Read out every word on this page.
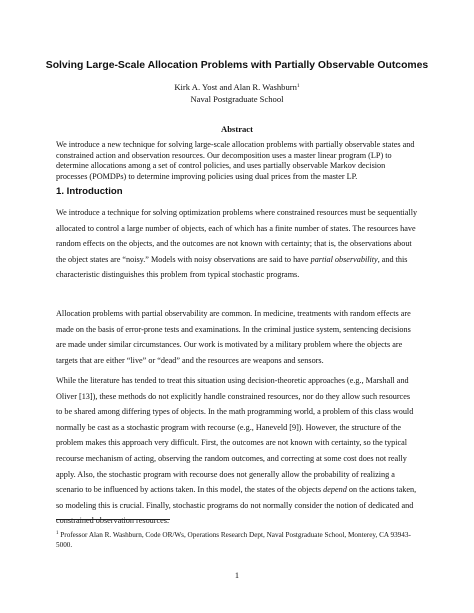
Solving Large-Scale Allocation Problems with Partially Observable Outcomes
Kirk A. Yost and Alan R. Washburn$^1$
Naval Postgraduate School
Abstract
We introduce a new technique for solving large-scale allocation problems with partially observable states and constrained action and observation resources. Our decomposition uses a master linear program (LP) to determine allocations among a set of control policies, and uses partially observable Markov decision processes (POMDPs) to determine improving policies using dual prices from the master LP.
1. Introduction
We introduce a technique for solving optimization problems where constrained resources must be sequentially allocated to control a large number of objects, each of which has a finite number of states. The resources have random effects on the objects, and the outcomes are not known with certainty; that is, the observations about the object states are “noisy.” Models with noisy observations are said to have partial observability, and this characteristic distinguishes this problem from typical stochastic programs.
Allocation problems with partial observability are common. In medicine, treatments with random effects are made on the basis of error-prone tests and examinations. In the criminal justice system, sentencing decisions are made under similar circumstances. Our work is motivated by a military problem where the objects are targets that are either “live” or “dead” and the resources are weapons and sensors.
While the literature has tended to treat this situation using decision-theoretic approaches (e.g., Marshall and Oliver [13]), these methods do not explicitly handle constrained resources, nor do they allow such resources to be shared among differing types of objects. In the math programming world, a problem of this class would normally be cast as a stochastic program with recourse (e.g., Haneveld [9]). However, the structure of the problem makes this approach very difficult. First, the outcomes are not known with certainty, so the typical recourse mechanism of acting, observing the random outcomes, and correcting at some cost does not really apply. Also, the stochastic program with recourse does not generally allow the probability of realizing a scenario to be influenced by actions taken. In this model, the states of the objects depend on the actions taken, so modeling this is crucial. Finally, stochastic programs do not normally consider the notion of dedicated and constrained observation resources.
$^1$ Professor Alan R. Washburn, Code OR/Ws, Operations Research Dept, Naval Postgraduate School, Monterey, CA 93943-5000.
1
